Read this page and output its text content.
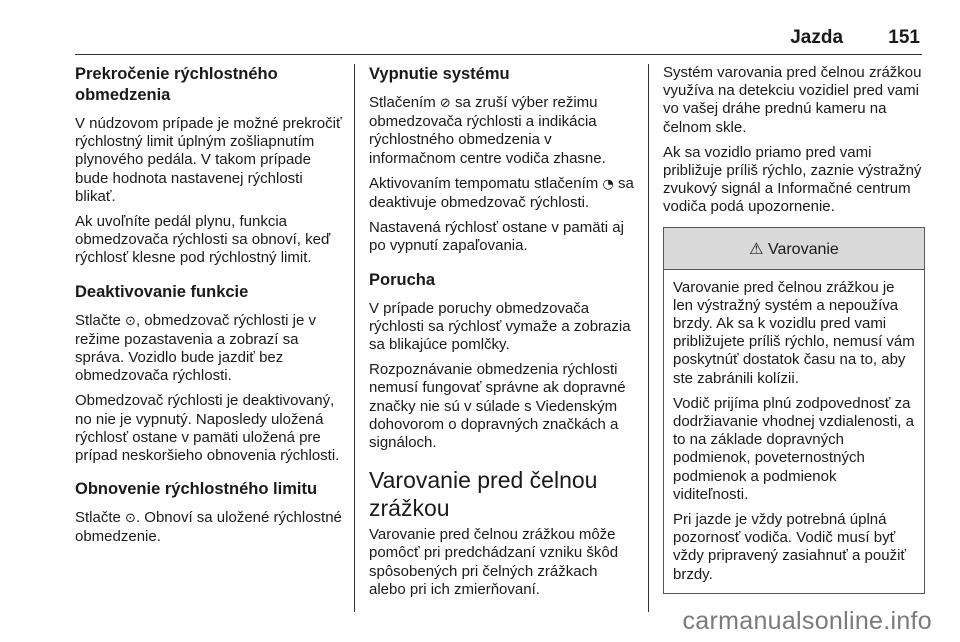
Jazda 151
Prekročenie rýchlostného obmedzenia

V núdzovom prípade je možné prekročiť rýchlostný limit úplným zošliapnutím plynového pedála. V takom prípade bude hodnota nastavenej rýchlosti blikať.

Ak uvoľníte pedál plynu, funkcia obmedzovača rýchlosti sa obnoví, keď rýchlosť klesne pod rýchlostný limit.

Deaktivovanie funkcie

Stlačte ⊙, obmedzovač rýchlosti je v režime pozastavenia a zobrazí sa správa. Vozidlo bude jazdiť bez obmedzovača rýchlosti.

Obmedzovač rýchlosti je deaktivovaný, no nie je vypnutý. Naposledy uložená rýchlosť ostane v pamäti uložená pre prípad neskoršieho obnovenia rýchlosti.

Obnovenie rýchlostného limitu

Stlačte ⊙. Obnoví sa uložené rýchlostné obmedzenie.

Vypnutie systému

Stlačením ⊘ sa zruší výber režimu obmedzovača rýchlosti a indikácia rýchlostného obmedzenia v informačnom centre vodiča zhasne.

Aktivovaním tempomatu stlačením ◔ sa deaktivuje obmedzovač rýchlosti.

Nastavená rýchlosť ostane v pamäti aj po vypnutí zapaľovania.

Porucha

V prípade poruchy obmedzovača rýchlosti sa rýchlosť vymaže a zobrazia sa blikajúce pomlčky.

Rozpoznávanie obmedzenia rýchlosti nemusí fungovať správne ak dopravné značky nie sú v súlade s Viedenským dohovorom o dopravných značkách a signáloch.

Varovanie pred čelnou zrážkou

Varovanie pred čelnou zrážkou môže pomôcť pri predchádzaní vzniku škôd spôsobených pri čelných zrážkach alebo pri ich zmierňovaní.

Systém varovania pred čelnou zrážkou využíva na detekciu vozidiel pred vami vo vašej dráhe prednú kameru na čelnom skle.

Ak sa vozidlo priamo pred vami približuje príliš rýchlo, zaznie výstražný zvukový signál a Informačné centrum vodiča podá upozornenie.

⚠ Varovanie

Varovanie pred čelnou zrážkou je len výstražný systém a nepoužíva brzdy. Ak sa k vozidlu pred vami približujete príliš rýchlo, nemusí vám poskytnúť dostatok času na to, aby ste zabránili kolízii.

Vodič prijíma plnú zodpovednosť za dodržiavanie vhodnej vzdialenosti, a to na základe dopravných podmienok, poveternostných podmienok a podmienok viditeľnosti.

Pri jazde je vždy potrebná úplná pozornosť vodiča. Vodič musí byť vždy pripravený zasiahnuť a použiť brzdy.

carmanualsonline.info
